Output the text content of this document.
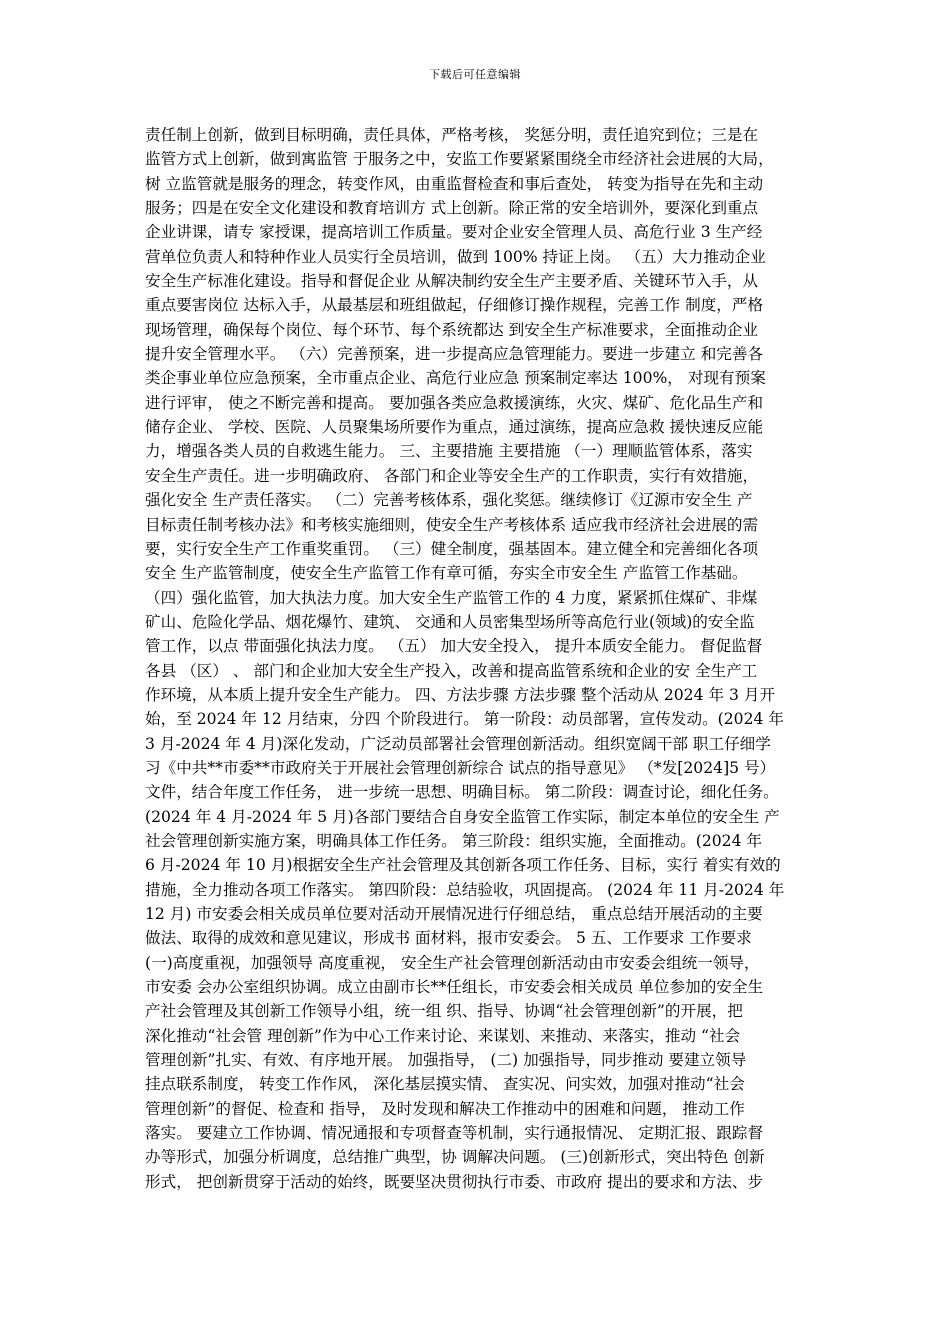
下载后可任意编辑
责任制上创新，做到目标明确，责任具体，严格考核， 奖惩分明，责任追究到位；三是在
监管方式上创新，做到寓监管 于服务之中，安监工作要紧紧围绕全市经济社会进展的大局，
树 立监管就是服务的理念，转变作风，由重监督检查和事后查处， 转变为指导在先和主动
服务；四是在安全文化建设和教育培训方 式上创新。除正常的安全培训外，要深化到重点
企业讲课，请专 家授课，提高培训工作质量。要对企业安全管理人员、高危行业 3 生产经
营单位负责人和特种作业人员实行全员培训，做到 100% 持证上岗。 （五）大力推动企业
安全生产标准化建设。指导和督促企业 从解决制约安全生产主要矛盾、关键环节入手，从
重点要害岗位 达标入手，从最基层和班组做起，仔细修订操作规程，完善工作 制度，严格
现场管理，确保每个岗位、每个环节、每个系统都达 到安全生产标准要求，全面推动企业
提升安全管理水平。 （六）完善预案，进一步提高应急管理能力。要进一步建立 和完善各
类企事业单位应急预案，全市重点企业、高危行业应急 预案制定率达 100%， 对现有预案
进行评审， 使之不断完善和提高。 要加强各类应急救援演练，火灾、煤矿、危化品生产和
储存企业、 学校、医院、人员聚集场所要作为重点，通过演练，提高应急救 援快速反应能
力，增强各类人员的自救逃生能力。 三、主要措施 主要措施 （一）理顺监管体系，落实
安全生产责任。进一步明确政府、 各部门和企业等安全生产的工作职责，实行有效措施，
强化安全 生产责任落实。 （二）完善考核体系，强化奖惩。继续修订《辽源市安全生 产
目标责任制考核办法》和考核实施细则，使安全生产考核体系 适应我市经济社会进展的需
要，实行安全生产工作重奖重罚。 （三）健全制度，强基固本。建立健全和完善细化各项
安全 生产监管制度，使安全生产监管工作有章可循，夯实全市安全生 产监管工作基础。
（四）强化监管，加大执法力度。加大安全生产监管工作的 4 力度，紧紧抓住煤矿、非煤
矿山、危险化学品、烟花爆竹、建筑、 交通和人员密集型场所等高危行业(领域)的安全监
管工作，以点 带面强化执法力度。 （五） 加大安全投入， 提升本质安全能力。 督促监督
各县 （区） 、 部门和企业加大安全生产投入，改善和提高监管系统和企业的安 全生产工
作环境，从本质上提升安全生产能力。 四、方法步骤 方法步骤 整个活动从 2024 年 3 月开
始，至 2024 年 12 月结束，分四 个阶段进行。 第一阶段：动员部署，宣传发动。(2024 年
3 月-2024 年 4 月)深化发动，广泛动员部署社会管理创新活动。组织宽阔干部 职工仔细学
习《中共**市委**市政府关于开展社会管理创新综合 试点的指导意见》 （*发[2024]5 号）
文件，结合年度工作任务， 进一步统一思想、明确目标。 第二阶段：调查讨论，细化任务。
(2024 年 4 月-2024 年 5 月)各部门要结合自身安全监管工作实际，制定本单位的安全生 产
社会管理创新实施方案，明确具体工作任务。 第三阶段：组织实施，全面推动。(2024 年
6 月-2024 年 10 月)根据安全生产社会管理及其创新各项工作任务、目标，实行 着实有效的
措施，全力推动各项工作落实。 第四阶段：总结验收，巩固提高。 (2024 年 11 月-2024 年
12 月) 市安委会相关成员单位要对活动开展情况进行仔细总结， 重点总结开展活动的主要
做法、取得的成效和意见建议，形成书 面材料，报市安委会。 5 五、工作要求 工作要求
(一)高度重视，加强领导 高度重视， 安全生产社会管理创新活动由市安委会组统一领导，
市安委 会办公室组织协调。成立由副市长**任组长，市安委会相关成员 单位参加的安全生
产社会管理及其创新工作领导小组，统一组 织、指导、协调“社会管理创新”的开展，把
深化推动“社会管 理创新”作为中心工作来讨论、来谋划、来推动、来落实，推动 “社会
管理创新”扎实、有效、有序地开展。 加强指导， (二) 加强指导，同步推动 要建立领导
挂点联系制度， 转变工作作风， 深化基层摸实情、 查实况、问实效，加强对推动“社会
管理创新”的督促、检查和 指导， 及时发现和解决工作推动中的困难和问题， 推动工作
落实。 要建立工作协调、情况通报和专项督查等机制，实行通报情况、 定期汇报、跟踪督
办等形式，加强分析调度，总结推广典型，协 调解决问题。 (三)创新形式，突出特色 创新
形式， 把创新贯穿于活动的始终，既要坚决贯彻执行市委、市政府 提出的要求和方法、步
